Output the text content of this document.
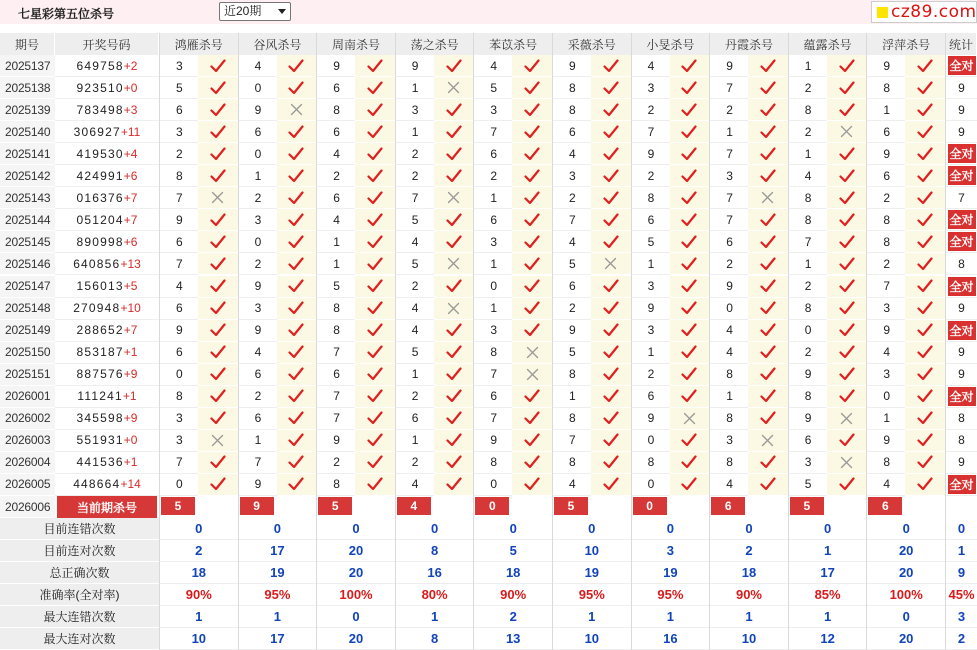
七星彩第五位杀号	近20期	cz89.com
期号	开奖号码	鸿雁杀号	谷风杀号	周南杀号	荡之杀号	苯苡杀号	采薇杀号	小旻杀号	丹霞杀号	蕴露杀号	浮萍杀号	统计
2025137	649758 +2	3	4	9	9	4	9	4	9	1	9	全对
2025138	923510 +0	5	0	6	1	5	8	3	7	2	8	9
2025139	783498 +3	6	9	8	3	3	8	2	2	8	1	9
2025140	306927 +11	3	6	6	1	7	6	7	1	2	6	9
2025141	419530 +4	2	0	4	2	6	4	9	7	1	9	全对
2025142	424991 +6	8	1	2	2	2	3	2	3	4	6	全对
2025143	016376 +7	7	2	6	7	1	2	8	7	8	2	7
2025144	051204 +7	9	3	4	5	6	7	6	7	8	8	全对
2025145	890998 +6	6	0	1	4	3	4	5	6	7	8	全对
2025146	640856 +13	7	2	1	5	1	5	1	2	1	2	8
2025147	156013 +5	4	9	5	2	0	6	3	9	2	7	全对
2025148	270948 +10	6	3	8	4	1	2	9	0	8	3	9
2025149	288652 +7	9	9	8	4	3	9	3	4	0	9	全对
2025150	853187 +1	6	4	7	5	8	5	1	4	2	4	9
2025151	887576 +9	0	6	6	1	7	8	2	8	9	3	9
2026001	111241 +1	8	2	7	2	6	1	6	1	8	0	全对
2026002	345598 +9	3	6	7	6	7	8	9	8	9	1	8
2026003	551931 +0	3	1	9	1	9	7	0	3	6	9	8
2026004	441536 +1	7	7	2	2	8	8	8	8	3	8	9
2026005	448664 +14	0	9	8	4	0	4	0	4	5	4	全对
2026006	当前期杀号	5	9	5	4	0	5	0	6	5	6
目前连错次数	0	0	0	0	0	0	0	0	0	0	0
目前连对次数	2	17	20	8	5	10	3	2	1	20	1
总正确次数	18	19	20	16	18	19	19	18	17	20	9
准确率(全对率)	90%	95%	100%	80%	90%	95%	95%	90%	85%	100%	45%
最大连错次数	1	1	0	1	2	1	1	1	1	0	3
最大连对次数	10	17	20	8	13	10	16	10	12	20	2
